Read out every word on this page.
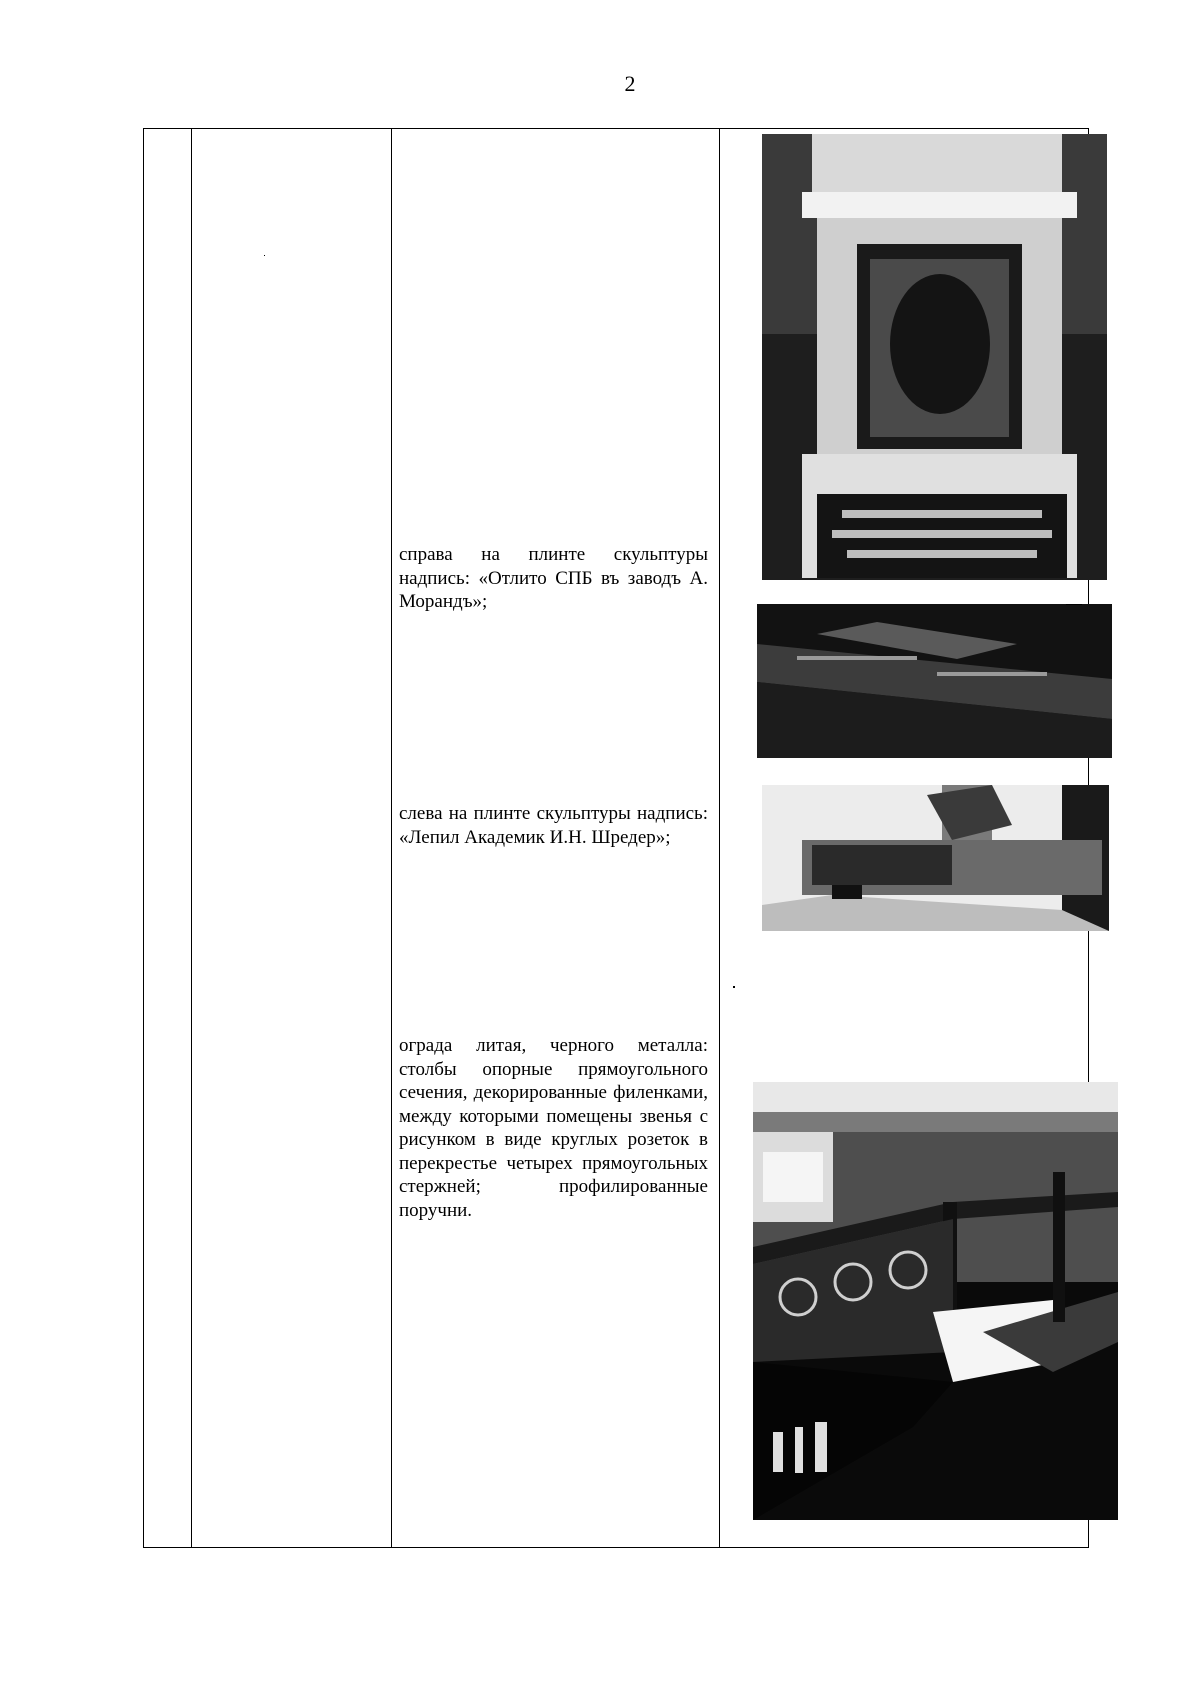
2
справа на плинте скульптуры надпись: «Отлито СПБ въ заводъ А. Морандъ»;
слева на плинте скульптуры надпись: «Лепил Академик И.Н. Шредер»;
ограда литая, черного металла: столбы опорные прямоугольного сечения, декорированные филенками, между которыми помещены звенья с рисунком в виде круглых розеток в перекрестье четырех прямоугольных стержней; профилированные поручни.
